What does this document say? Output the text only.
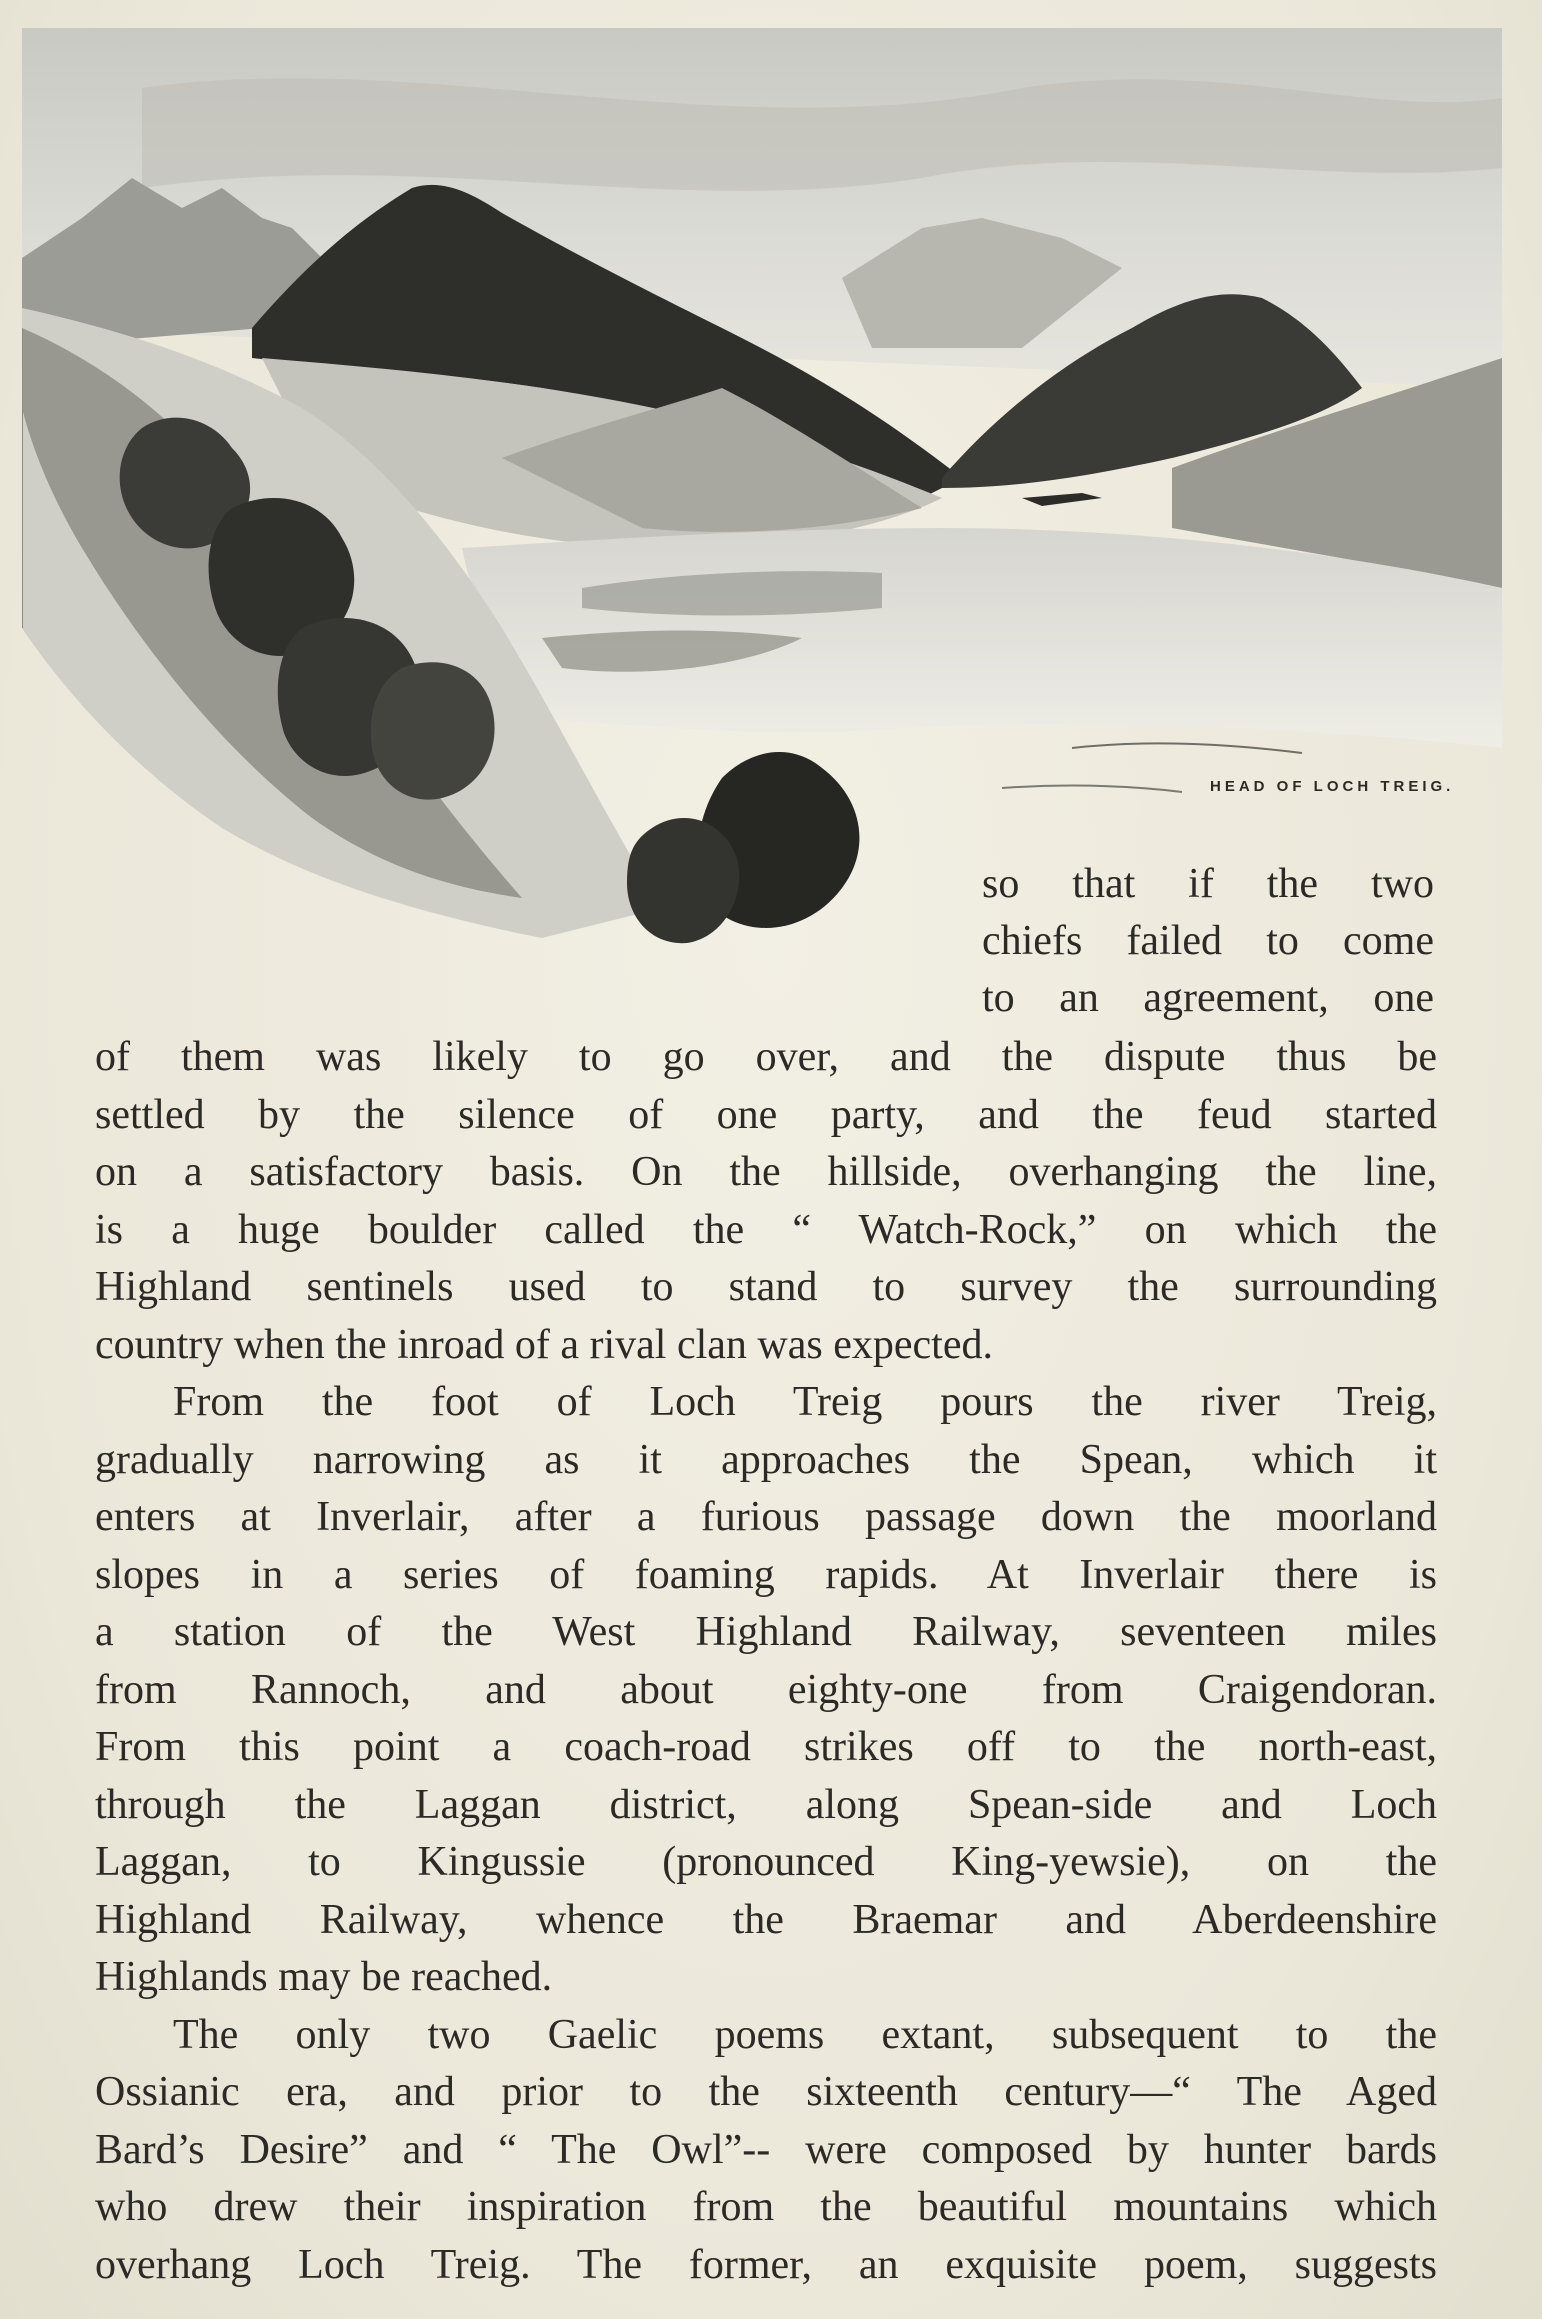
HEAD OF LOCH TREIG.
so that if the two
chiefs failed to come
to an agreement, one
of them was likely to go over, and the dispute thus be
settled by the silence of one party, and the feud started
on a satisfactory basis. On the hillside, overhanging the line,
is a huge boulder called the “ Watch-Rock,” on which the
Highland sentinels used to stand to survey the surrounding
country when the inroad of a rival clan was expected.
From the foot of Loch Treig pours the river Treig,
gradually narrowing as it approaches the Spean, which it
enters at Inverlair, after a furious passage down the moorland
slopes in a series of foaming rapids. At Inverlair there is
a station of the West Highland Railway, seventeen miles
from Rannoch, and about eighty-one from Craigendoran.
From this point a coach-road strikes off to the north-east,
through the Laggan district, along Spean-side and Loch
Laggan, to Kingussie (pronounced King-yewsie), on the
Highland Railway, whence the Braemar and Aberdeenshire
Highlands may be reached.
The only two Gaelic poems extant, subsequent to the
Ossianic era, and prior to the sixteenth century—“ The Aged
Bard’s Desire” and “ The Owl”-- were composed by hunter bards
who drew their inspiration from the beautiful mountains which
overhang Loch Treig. The former, an exquisite poem, suggests
